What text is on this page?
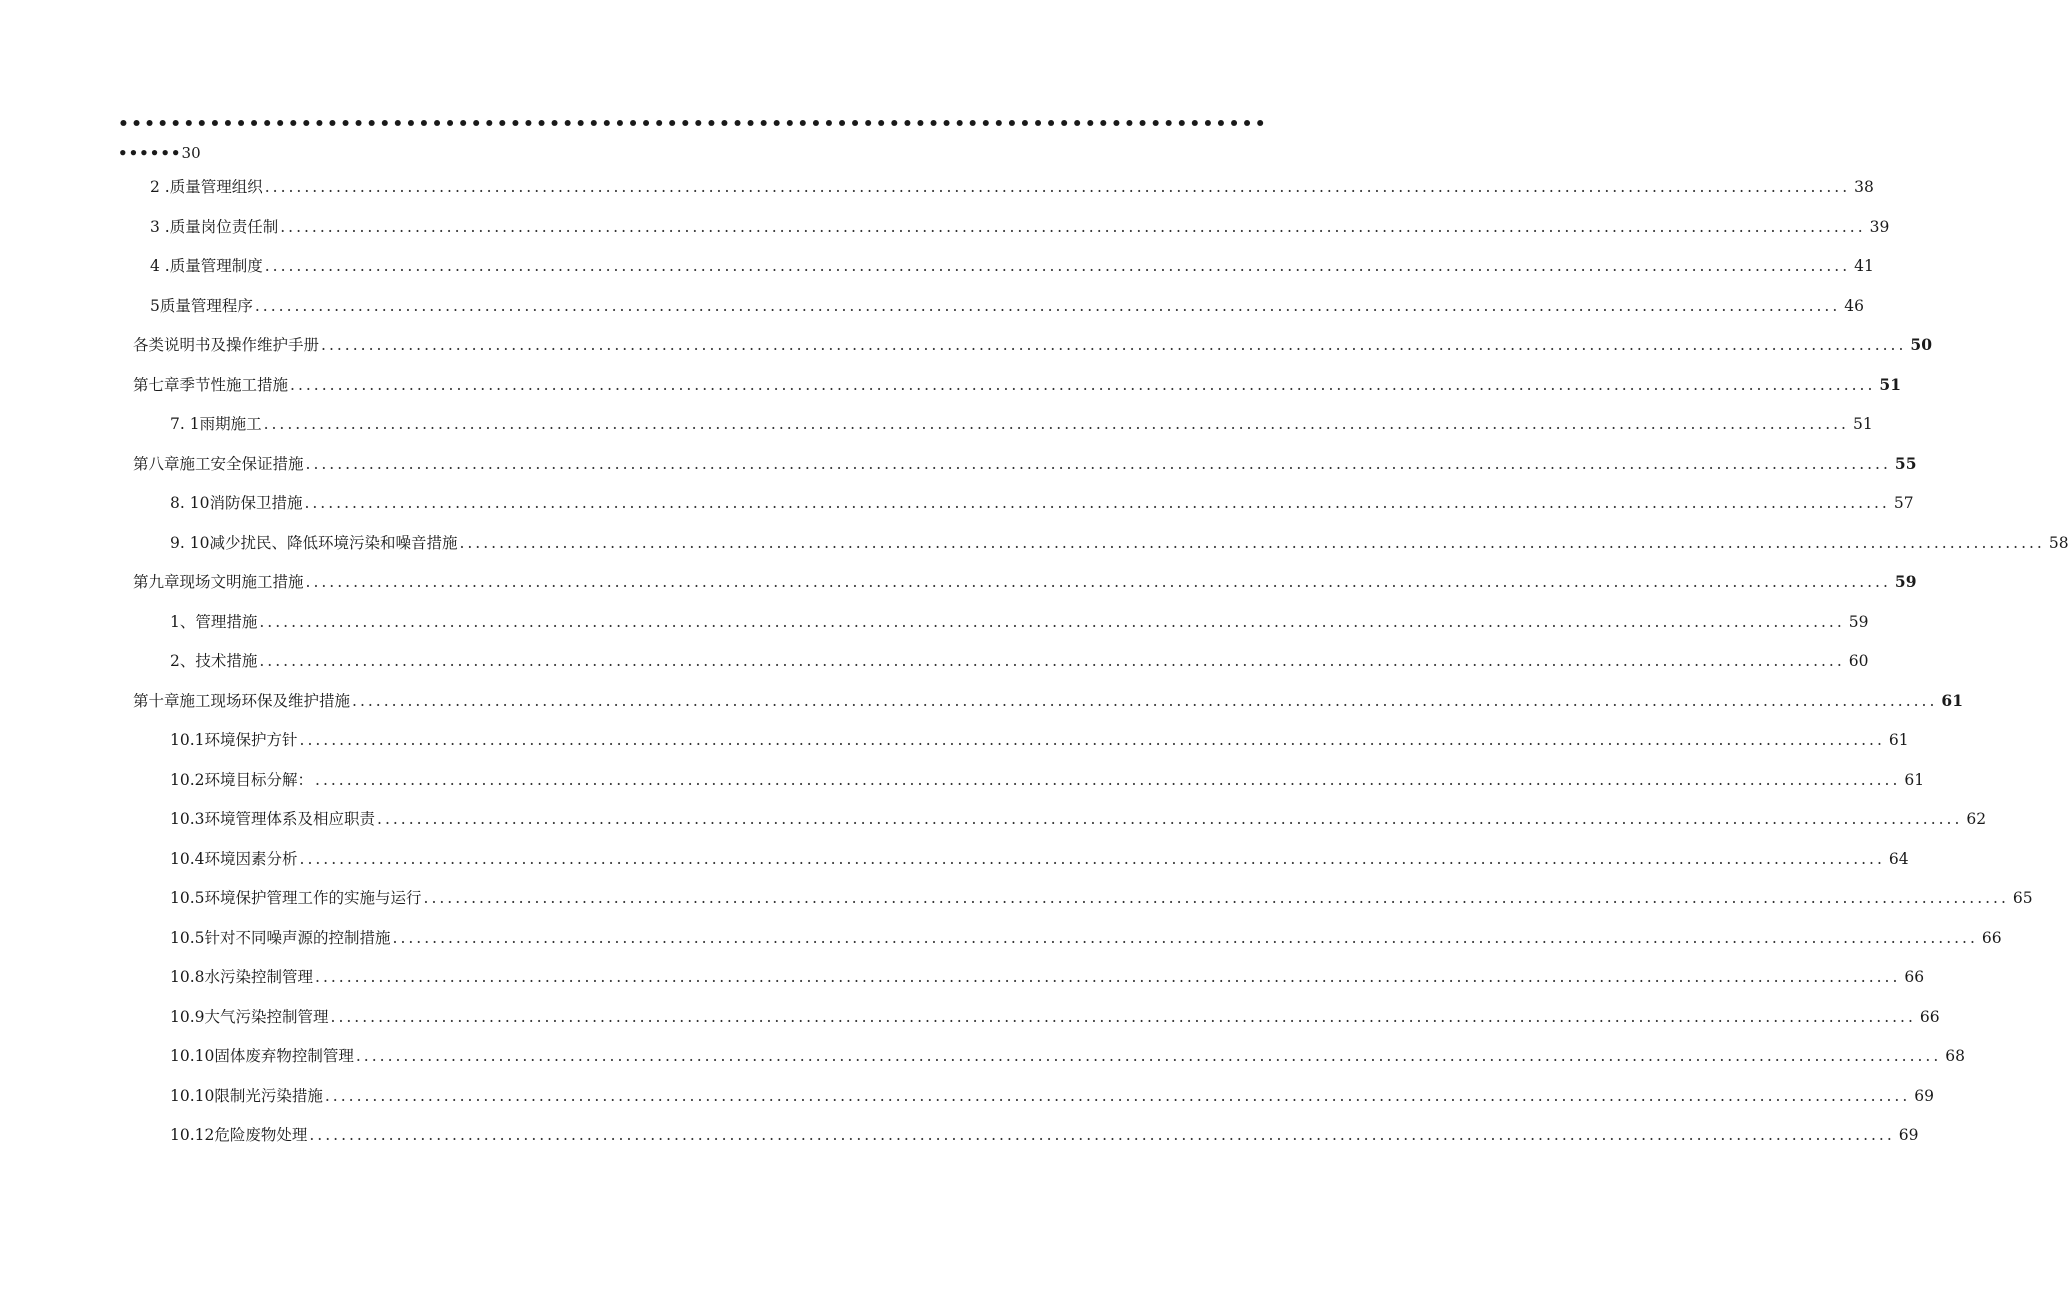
••••••••••••••••••••••••••••••••••••••••••••••••••••••••••••••••••••••••••••••••••••••••
••••••30
2 .质量管理组织 ........................................................................................................................................................................................................ 38
3 .质量岗位责任制 ........................................................................................................................................................................................................ 39
4 .质量管理制度 ........................................................................................................................................................................................................ 41
5质量管理程序 ........................................................................................................................................................................................................ 46
各类说明书及操作维护手册 ........................................................................................................................................................................................................ 50
第七章季节性施工措施 ........................................................................................................................................................................................................ 51
7. 1雨期施工 ........................................................................................................................................................................................................ 51
第八章施工安全保证措施 ........................................................................................................................................................................................................ 55
8. 10消防保卫措施 ........................................................................................................................................................................................................ 57
9. 10减少扰民、降低环境污染和噪音措施 ........................................................................................................................................................................................................ 58
第九章现场文明施工措施 ........................................................................................................................................................................................................ 59
1、管理措施 ........................................................................................................................................................................................................ 59
2、技术措施 ........................................................................................................................................................................................................ 60
第十章施工现场环保及维护措施 ........................................................................................................................................................................................................ 61
10.1环境保护方针 ........................................................................................................................................................................................................ 61
10.2环境目标分解： ........................................................................................................................................................................................................ 61
10.3环境管理体系及相应职责 ........................................................................................................................................................................................................ 62
10.4环境因素分析 ........................................................................................................................................................................................................ 64
10.5环境保护管理工作的实施与运行 ........................................................................................................................................................................................................ 65
10.5针对不同噪声源的控制措施 ........................................................................................................................................................................................................ 66
10.8水污染控制管理 ........................................................................................................................................................................................................ 66
10.9大气污染控制管理 ........................................................................................................................................................................................................ 66
10.10固体废弃物控制管理 ........................................................................................................................................................................................................ 68
10.10限制光污染措施 ........................................................................................................................................................................................................ 69
10.12危险废物处理 ........................................................................................................................................................................................................ 69
